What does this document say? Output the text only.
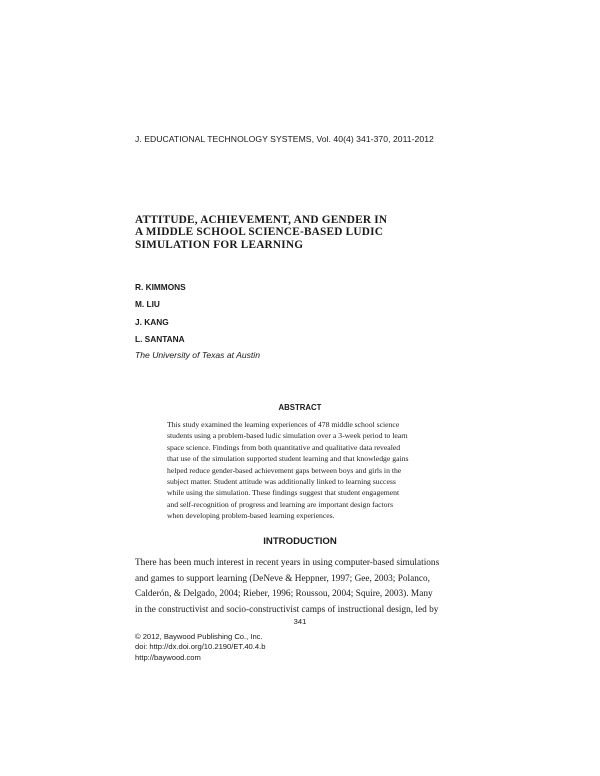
J. EDUCATIONAL TECHNOLOGY SYSTEMS, Vol. 40(4) 341-370, 2011-2012
ATTITUDE, ACHIEVEMENT, AND GENDER IN
A MIDDLE SCHOOL SCIENCE-BASED LUDIC
SIMULATION FOR LEARNING
R. KIMMONS
M. LIU
J. KANG
L. SANTANA
The University of Texas at Austin
ABSTRACT
This study examined the learning experiences of 478 middle school science
students using a problem-based ludic simulation over a 3-week period to learn
space science. Findings from both quantitative and qualitative data revealed
that use of the simulation supported student learning and that knowledge gains
helped reduce gender-based achievement gaps between boys and girls in the
subject matter. Student attitude was additionally linked to learning success
while using the simulation. These findings suggest that student engagement
and self-recognition of progress and learning are important design factors
when developing problem-based learning experiences.
INTRODUCTION
There has been much interest in recent years in using computer-based simulations
and games to support learning (DeNeve & Heppner, 1997; Gee, 2003; Polanco,
Calderón, & Delgado, 2004; Rieber, 1996; Roussou, 2004; Squire, 2003). Many
in the constructivist and socio-constructivist camps of instructional design, led by
341
© 2012, Baywood Publishing Co., Inc.
doi: http://dx.doi.org/10.2190/ET.40.4.b
http://baywood.com
